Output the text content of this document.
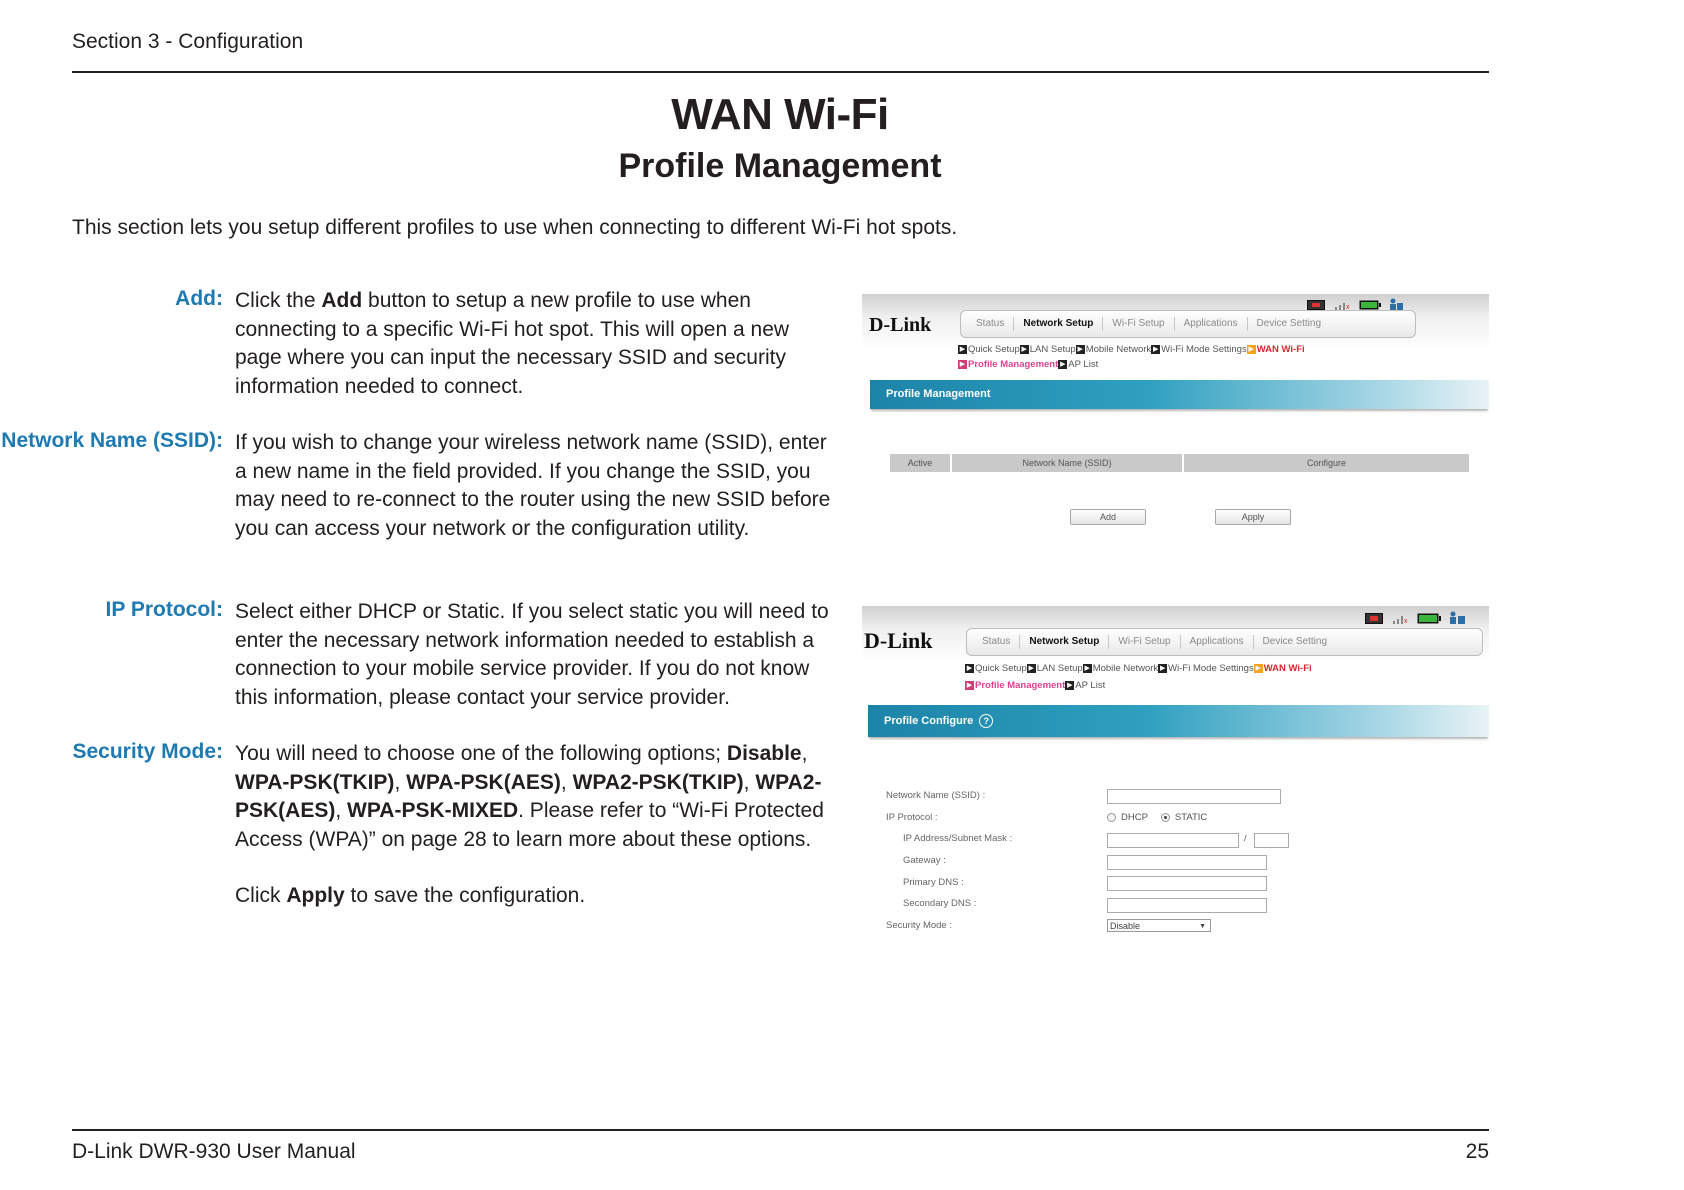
Section 3 - Configuration
WAN Wi-Fi
Profile Management
This section lets you setup different profiles to use when connecting to different Wi-Fi hot spots.
Add: Click the Add button to setup a new profile to use when connecting to a specific Wi-Fi hot spot. This will open a new page where you can input the necessary SSID and security information needed to connect.
Network Name (SSID): If you wish to change your wireless network name (SSID), enter a new name in the field provided. If you change the SSID, you may need to re-connect to the router using the new SSID before you can access your network or the configuration utility.
IP Protocol: Select either DHCP or Static. If you select static you will need to enter the necessary network information needed to establish a connection to your mobile service provider. If you do not know this information, please contact your service provider.
Security Mode: You will need to choose one of the following options; Disable, WPA-PSK(TKIP), WPA-PSK(AES), WPA2-PSK(TKIP), WPA2-PSK(AES), WPA-PSK-MIXED. Please refer to “Wi-Fi Protected Access (WPA)” on page 28 to learn more about these options.
Click Apply to save the configuration.
D-Link	Status	Network Setup	Wi-Fi Setup	Applications	Device Setting
x
▶ Quick Setup ▶ LAN Setup ▶ Mobile Network ▶ Wi-Fi Mode Settings ▶ WAN Wi-Fi
▶ Profile Management ▶ AP List
Profile Management
Active	Network Name (SSID)	Configure
Add	Apply
D-Link	Status	Network Setup	Wi-Fi Setup	Applications	Device Setting
x
▶ Quick Setup ▶ LAN Setup ▶ Mobile Network ▶ Wi-Fi Mode Settings ▶ WAN Wi-Fi
▶ Profile Management ▶ AP List
Profile Configure ?
Network Name (SSID) :
IP Protocol :	DHCP	STATIC
IP Address/Subnet Mask :	/
Gateway :
Primary DNS :
Secondary DNS :
Security Mode :	Disable	▼
D-Link DWR-930 User Manual	25
